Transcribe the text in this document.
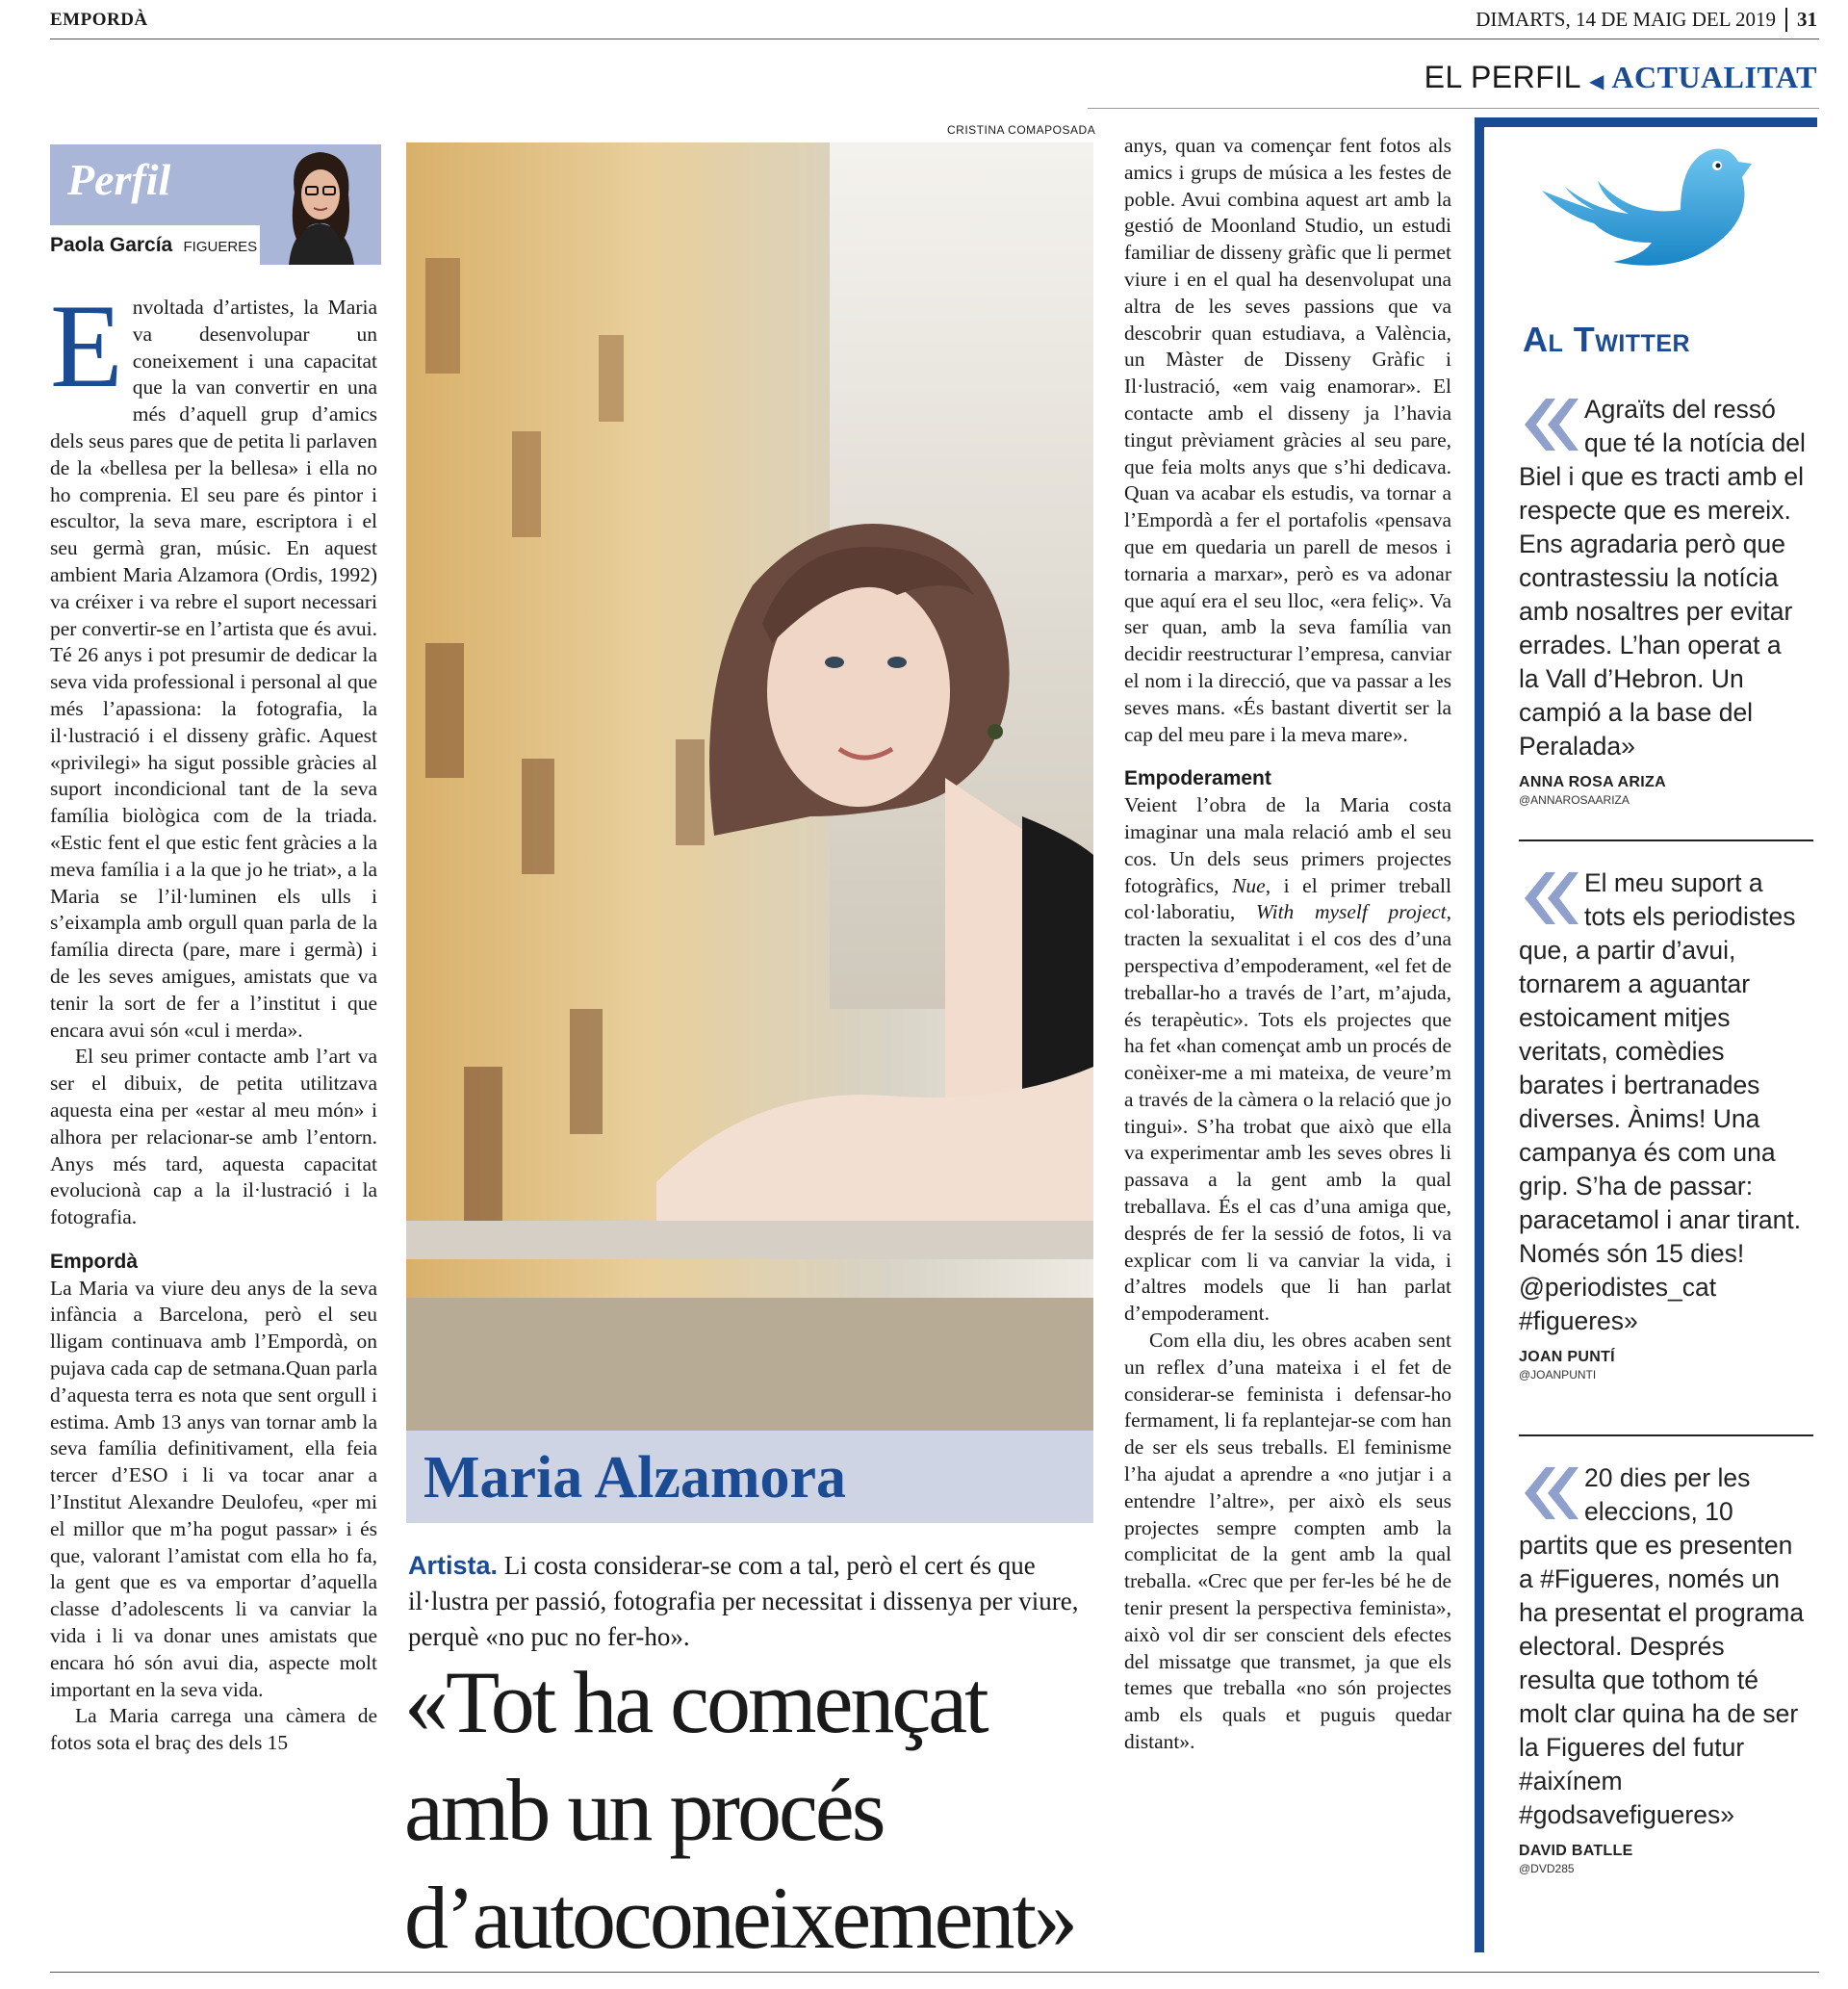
EMPORDÀ	DIMARTS, 14 DE MAIG DEL 2019	31
EL PERFIL ◀ ACTUALITAT
Perfil
Paola García FIGUERES
E nvoltada d’artistes, la Maria va desenvolupar un coneixement i una capacitat que la van convertir en una més d’aquell grup d’amics dels seus pares que de petita li parlaven de la «bellesa per la bellesa» i ella no ho comprenia. El seu pare és pintor i escultor, la seva mare, escriptora i el seu germà gran, músic. En aquest ambient Maria Alzamora (Ordis, 1992) va créixer i va rebre el suport necessari per convertir-se en l’artista que és avui. Té 26 anys i pot presumir de dedicar la seva vida professional i personal al que més l’apassiona: la fotografia, la il·lustració i el disseny gràfic. Aquest «privilegi» ha sigut possible gràcies al suport incondicional tant de la seva família biològica com de la triada. «Estic fent el que estic fent gràcies a la meva família i a la que jo he triat», a la Maria se l’il·luminen els ulls i s’eixampla amb orgull quan parla de la família directa (pare, mare i germà) i de les seves amigues, amistats que va tenir la sort de fer a l’institut i que encara avui són «cul i merda».

El seu primer contacte amb l’art va ser el dibuix, de petita utilitzava aquesta eina per «estar al meu món» i alhora per relacionar-se amb l’entorn. Anys més tard, aquesta capacitat evolucionà cap a la il·lustració i la fotografia.

Empordà

La Maria va viure deu anys de la seva infància a Barcelona, però el seu lligam continuava amb l’Empordà, on pujava cada cap de setmana.Quan parla d’aquesta terra es nota que sent orgull i estima. Amb 13 anys van tornar amb la seva família definitivament, ella feia tercer d’ESO i li va tocar anar a l’Institut Alexandre Deulofeu, «per mi el millor que m’ha pogut passar» i és que, valorant l’amistat com ella ho fa, la gent que es va emportar d’aquella classe d’adolescents li va canviar la vida i li va donar unes amistats que encara hó són avui dia, aspecte molt important en la seva vida.

La Maria carrega una càmera de fotos sota el braç des dels 15

CRISTINA COMAPOSADA
Maria Alzamora
Artista. Li costa considerar-se com a tal, però el cert és que il·lustra per passió, fotografia per necessitat i dissenya per viure, perquè «no puc no fer-ho».
«Tot ha començat
amb un procés
d’autoconeixement»

anys, quan va començar fent fotos als amics i grups de música a les festes de poble. Avui combina aquest art amb la gestió de Moonland Studio, un estudi familiar de disseny gràfic que li permet viure i en el qual ha desenvolupat una altra de les seves passions que va descobrir quan estudiava, a València, un Màster de Disseny Gràfic i Il·lustració, «em vaig enamorar». El contacte amb el disseny ja l’havia tingut prèviament gràcies al seu pare, que feia molts anys que s’hi dedicava. Quan va acabar els estudis, va tornar a l’Empordà a fer el portafolis «pensava que em quedaria un parell de mesos i tornaria a marxar», però es va adonar que aquí era el seu lloc, «era feliç». Va ser quan, amb la seva família van decidir reestructurar l’empresa, canviar el nom i la direcció, que va passar a les seves mans. «És bastant divertit ser la cap del meu pare i la meva mare».

Empoderament

Veient l’obra de la Maria costa imaginar una mala relació amb el seu cos. Un dels seus primers projectes fotogràfics, Nue, i el primer treball col·laboratiu, With myself project, tracten la sexualitat i el cos des d’una perspectiva d’empoderament, «el fet de treballar-ho a través de l’art, m’ajuda, és terapèutic». Tots els projectes que ha fet «han començat amb un procés de conèixer-me a mi mateixa, de veure’m a través de la càmera o la relació que jo tingui». S’ha trobat que això que ella va experimentar amb les seves obres li passava a la gent amb la qual treballava. És el cas d’una amiga que, després de fer la sessió de fotos, li va explicar com li va canviar la vida, i d’altres models que li han parlat d’empoderament.

Com ella diu, les obres acaben sent un reflex d’una mateixa i el fet de considerar-se feminista i defensar-ho fermament, li fa replantejar-se com han de ser els seus treballs. El feminisme l’ha ajudat a aprendre a «no jutjar i a entendre l’altre», per això els seus projectes sempre compten amb la complicitat de la gent amb la qual treballa. «Crec que per fer-les bé he de tenir present la perspectiva feminista», això vol dir ser conscient dels efectes del missatge que transmet, ja que els temes que treballa «no són projectes amb els quals et puguis quedar distant».

Al Twitter
Agraïts del ressó que té la notícia del Biel i que es tracti amb el respecte que es mereix. Ens agradaria però que contrastessiu la notícia amb nosaltres per evitar errades. L’han operat a la Vall d’Hebron. Un campió a la base del Peralada»
ANNA ROSA ARIZA
@ANNAROSAARIZA
El meu suport a tots els periodistes que, a partir d’avui, tornarem a aguantar estoicament mitjes veritats, comèdies barates i bertranades diverses. Ànims! Una campanya és com una grip. S’ha de passar: paracetamol i anar tirant. Només són 15 dies! @periodistes_cat #figueres»
JOAN PUNTÍ
@JOANPUNTI
20 dies per les eleccions, 10 partits que es presenten a #Figueres, només un ha presentat el programa electoral. Després resulta que tothom té molt clar quina ha de ser la Figueres del futur #aixínem #godsavefigueres»
DAVID BATLLE
@DVD285
